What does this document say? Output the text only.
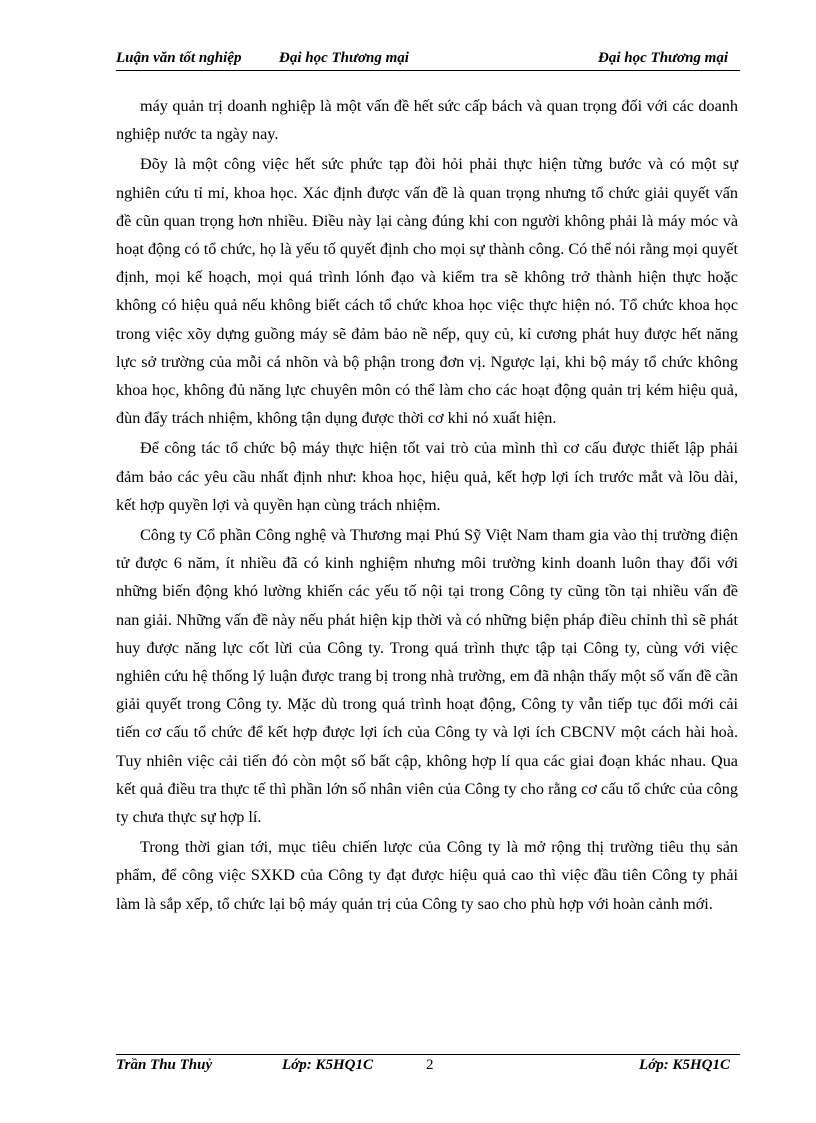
Luận văn tốt nghiệp	Đại học Thương mại	Đại học Thương mại

máy quản trị doanh nghiệp là một vấn đề hết sức cấp bách và quan trọng đối với các doanh nghiệp nước ta ngày nay.

Đõy là một công việc hết sức phức tạp đòi hỏi phải thực hiện từng bước và có một sự nghiên cứu tỉ mỉ, khoa học. Xác định được vấn đề là quan trọng nhưng tổ chức giải quyết vấn đề cũn quan trọng hơn nhiều. Điều này lại càng đúng khi con người không phải là máy móc và hoạt động có tổ chức, họ là yếu tố quyết định cho mọi sự thành công. Có thể nói rằng mọi quyết định, mọi kế hoạch, mọi quá trình lónh đạo và kiểm tra sẽ không trở thành hiện thực hoặc không có hiệu quả nếu không biết cách tổ chức khoa học việc thực hiện nó. Tổ chức khoa học trong việc xõy dựng guồng máy sẽ đảm bảo nề nếp, quy củ, kỉ cương phát huy được hết năng lực sở trường của mỗi cá nhõn và bộ phận trong đơn vị. Ngược lại, khi bộ máy tổ chức không khoa học, không đủ năng lực chuyên môn có thể làm cho các hoạt động quản trị kém hiệu quả, đùn đẩy trách nhiệm, không tận dụng được thời cơ khi nó xuất hiện.

Để công tác tổ chức bộ máy thực hiện tốt vai trò của mình thì cơ cấu được thiết lập phải đảm bảo các yêu cầu nhất định như: khoa học, hiệu quả, kết hợp lợi ích trước mắt và lõu dài, kết hợp quyền lợi và quyền hạn cùng trách nhiệm.

Công ty Cổ phần Công nghệ và Thương mại Phú Sỹ Việt Nam tham gia vào thị trường điện tử được 6 năm, ít nhiều đã có kinh nghiệm nhưng môi trường kinh doanh luôn thay đổi với những biến động khó lường khiến các yếu tố nội tại trong Công ty cũng tồn tại nhiều vấn đề nan giải. Những vấn đề này nếu phát hiện kịp thời và có những biện pháp điều chỉnh thì sẽ phát huy được năng lực cốt lừi của Công ty. Trong quá trình thực tập tại Công ty, cùng với việc nghiên cứu hệ thống lý luận được trang bị trong nhà trường, em đã nhận thấy một số vấn đề cần giải quyết trong Công ty. Mặc dù trong quá trình hoạt động, Công ty vẫn tiếp tục đổi mới cải tiến cơ cấu tổ chức để kết hợp được lợi ích của Công ty và lợi ích CBCNV một cách hài hoà. Tuy nhiên việc cải tiến đó còn một số bất cập, không hợp lí qua các giai đoạn khác nhau. Qua kết quả điều tra thực tế thì phần lớn số nhân viên của Công ty cho rằng cơ cấu tổ chức của công ty chưa thực sự hợp lí.

Trong thời gian tới, mục tiêu chiến lược của Công ty là mở rộng thị trường tiêu thụ sản phẩm, để công việc SXKD của Công ty đạt được hiệu quả cao thì việc đầu tiên Công ty phải làm là sắp xếp, tổ chức lại bộ máy quản trị của Công ty sao cho phù hợp với hoàn cảnh mới.

Trần Thu Thuỷ	Lớp: K5HQ1C	2	Lớp: K5HQ1C
